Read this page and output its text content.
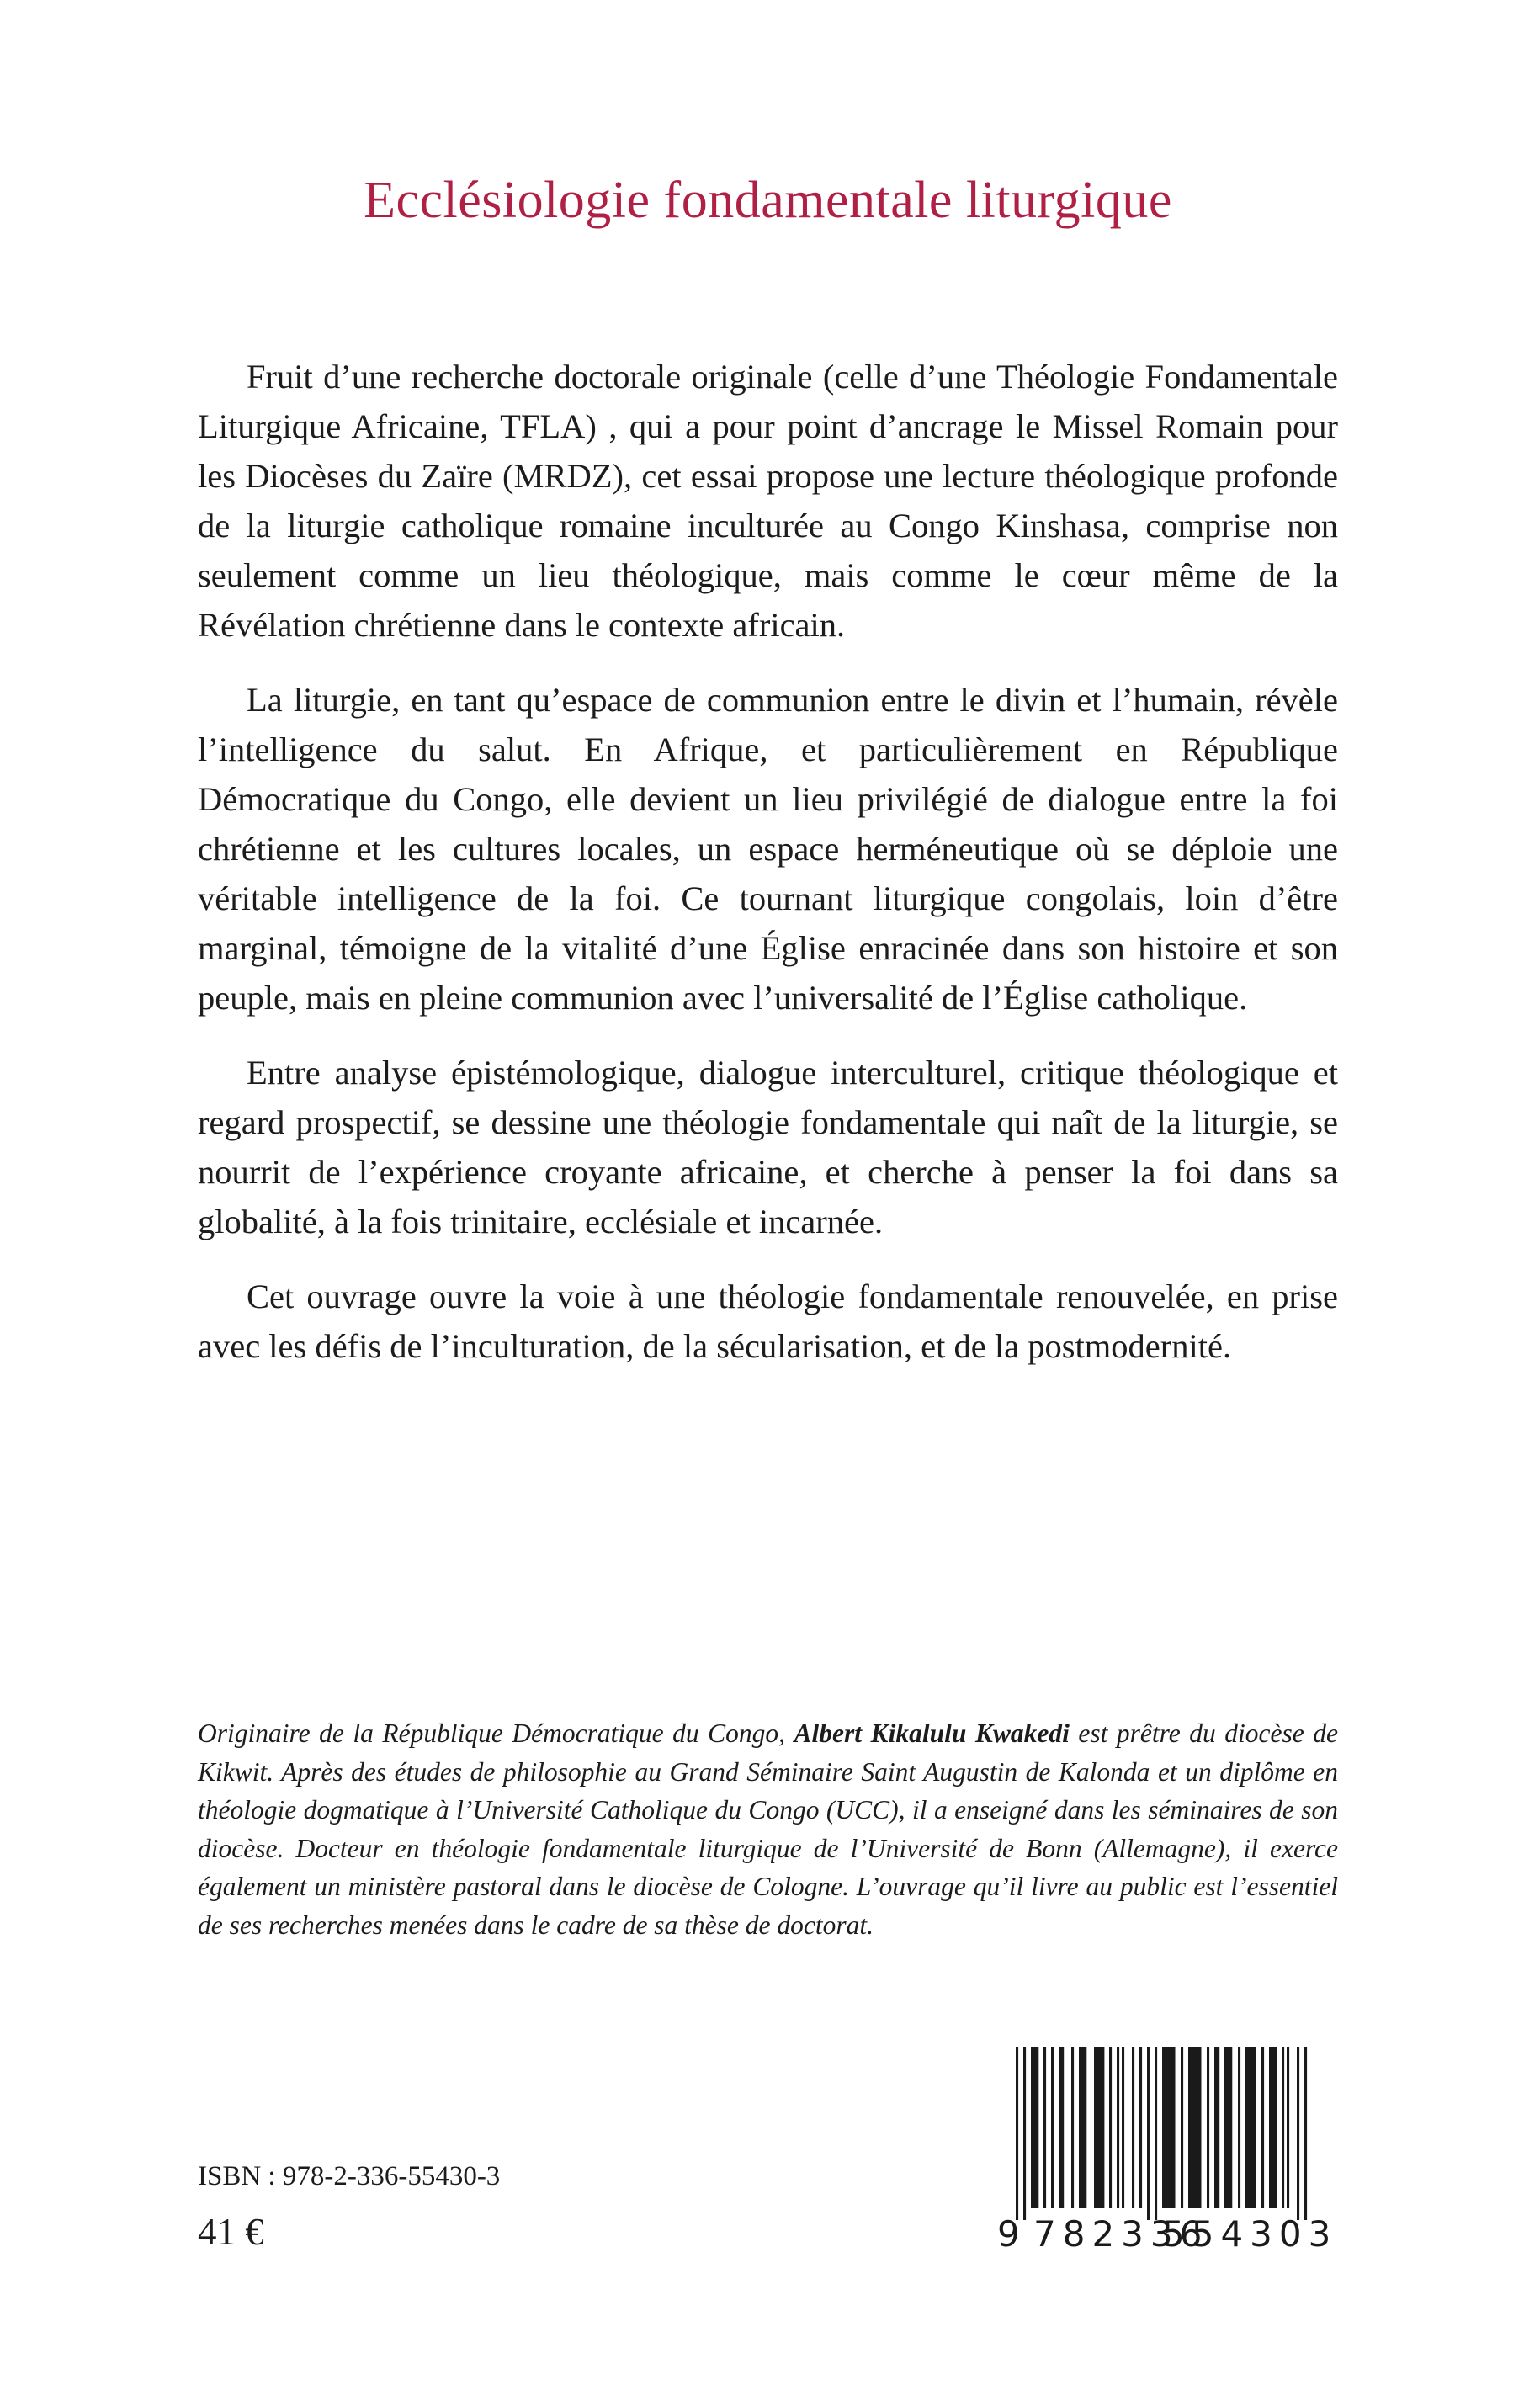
Ecclésiologie fondamentale liturgique

Fruit d’une recherche doctorale originale (celle d’une Théologie Fondamentale Liturgique Africaine, TFLA) , qui a pour point d’ancrage le Missel Romain pour les Diocèses du Zaïre (MRDZ), cet essai propose une lecture théologique profonde de la liturgie catholique romaine inculturée au Congo Kinshasa, comprise non seulement comme un lieu théologique, mais comme le cœur même de la Révélation chrétienne dans le contexte africain.

La liturgie, en tant qu’espace de communion entre le divin et l’humain, révèle l’intelligence du salut. En Afrique, et particulièrement en République Démocratique du Congo, elle devient un lieu privilégié de dialogue entre la foi chrétienne et les cultures locales, un espace herméneutique où se déploie une véritable intelligence de la foi. Ce tournant liturgique congolais, loin d’être marginal, témoigne de la vitalité d’une Église enracinée dans son histoire et son peuple, mais en pleine communion avec l’universalité de l’Église catholique.

Entre analyse épistémologique, dialogue interculturel, critique théologique et regard prospectif, se dessine une théologie fondamentale qui naît de la liturgie, se nourrit de l’expérience croyante africaine, et cherche à penser la foi dans sa globalité, à la fois trinitaire, ecclésiale et incarnée.

Cet ouvrage ouvre la voie à une théologie fondamentale renouvelée, en prise avec les défis de l’inculturation, de la sécularisation, et de la postmodernité.

Originaire de la République Démocratique du Congo, Albert Kikalulu Kwakedi est prêtre du diocèse de Kikwit. Après des études de philosophie au Grand Séminaire Saint Augustin de Kalonda et un diplôme en théologie dogmatique à l’Université Catholique du Congo (UCC), il a enseigné dans les séminaires de son diocèse. Docteur en théologie fondamentale liturgique de l’Université de Bonn (Allemagne), il exerce également un ministère pastoral dans le diocèse de Cologne. L’ouvrage qu’il livre au public est l’essentiel de ses recherches menées dans le cadre de sa thèse de doctorat.
ISBN : 978-2-336-55430-3
41 €	9 782336
554303
